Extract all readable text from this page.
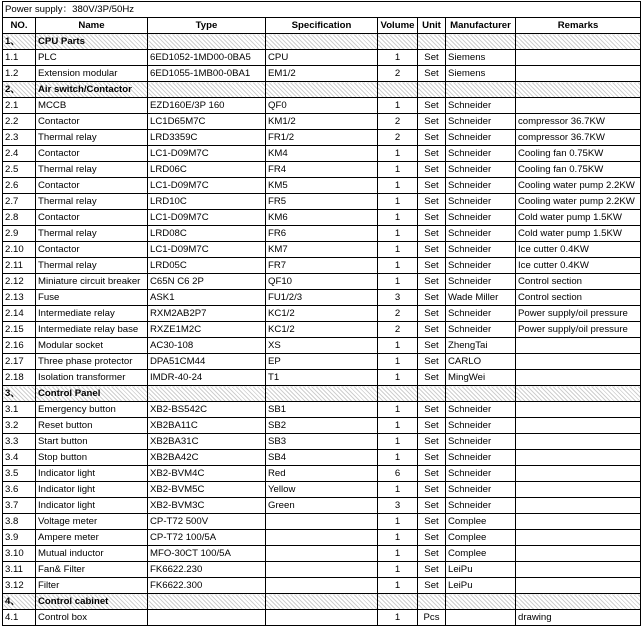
Power supply：380V/3P/50Hz							
NO.	Name	Type	Specification	Volume	Unit	Manufacturer	Remarks
1、	CPU Parts						
1.1	PLC	6ED1052-1MD00-0BA5	CPU	1	Set	Siemens	
1.2	Extension modular	6ED1055-1MB00-0BA1	EM1/2	2	Set	Siemens	
2、	Air switch/Contactor						
2.1	MCCB	EZD160E/3P 160	QF0	1	Set	Schneider	
2.2	Contactor	LC1D65M7C	KM1/2	2	Set	Schneider	compressor 36.7KW
2.3	Thermal relay	LRD3359C	FR1/2	2	Set	Schneider	compressor 36.7KW
2.4	Contactor	LC1-D09M7C	KM4	1	Set	Schneider	Cooling fan 0.75KW
2.5	Thermal relay	LRD06C	FR4	1	Set	Schneider	Cooling fan 0.75KW
2.6	Contactor	LC1-D09M7C	KM5	1	Set	Schneider	Cooling water pump 2.2KW
2.7	Thermal relay	LRD10C	FR5	1	Set	Schneider	Cooling water pump 2.2KW
2.8	Contactor	LC1-D09M7C	KM6	1	Set	Schneider	Cold water pump 1.5KW
2.9	Thermal relay	LRD08C	FR6	1	Set	Schneider	Cold water pump 1.5KW
2.10	Contactor	LC1-D09M7C	KM7	1	Set	Schneider	Ice cutter 0.4KW
2.11	Thermal relay	LRD05C	FR7	1	Set	Schneider	Ice cutter 0.4KW
2.12	Miniature circuit breaker	C65N C6 2P	QF10	1	Set	Schneider	Control section
2.13	Fuse	ASK1	FU1/2/3	3	Set	Wade Miller	Control section
2.14	Intermediate relay	RXM2AB2P7	KC1/2	2	Set	Schneider	Power supply/oil pressure
2.15	Intermediate relay base	RXZE1M2C	KC1/2	2	Set	Schneider	Power supply/oil pressure
2.16	Modular socket	AC30-108	XS	1	Set	ZhengTai	
2.17	Three phase protector	DPA51CM44	EP	1	Set	CARLO	
2.18	Isolation transformer	IMDR-40-24	T1	1	Set	MingWei	
3、	Control Panel						
3.1	Emergency button	XB2-BS542C	SB1	1	Set	Schneider	
3.2	Reset button	XB2BA11C	SB2	1	Set	Schneider	
3.3	Start button	XB2BA31C	SB3	1	Set	Schneider	
3.4	Stop button	XB2BA42C	SB4	1	Set	Schneider	
3.5	Indicator light	XB2-BVM4C	Red	6	Set	Schneider	
3.6	Indicator light	XB2-BVM5C	Yellow	1	Set	Schneider	
3.7	Indicator light	XB2-BVM3C	Green	3	Set	Schneider	
3.8	Voltage meter	CP-T72 500V		1	Set	Complee	
3.9	Ampere meter	CP-T72 100/5A		1	Set	Complee	
3.10	Mutual inductor	MFO-30CT 100/5A		1	Set	Complee	
3.11	Fan& Filter	FK6622.230		1	Set	LeiPu	
3.12	Filter	FK6622.300		1	Set	LeiPu	
4、	Control cabinet						
4.1	Control box			1	Pcs		drawing
